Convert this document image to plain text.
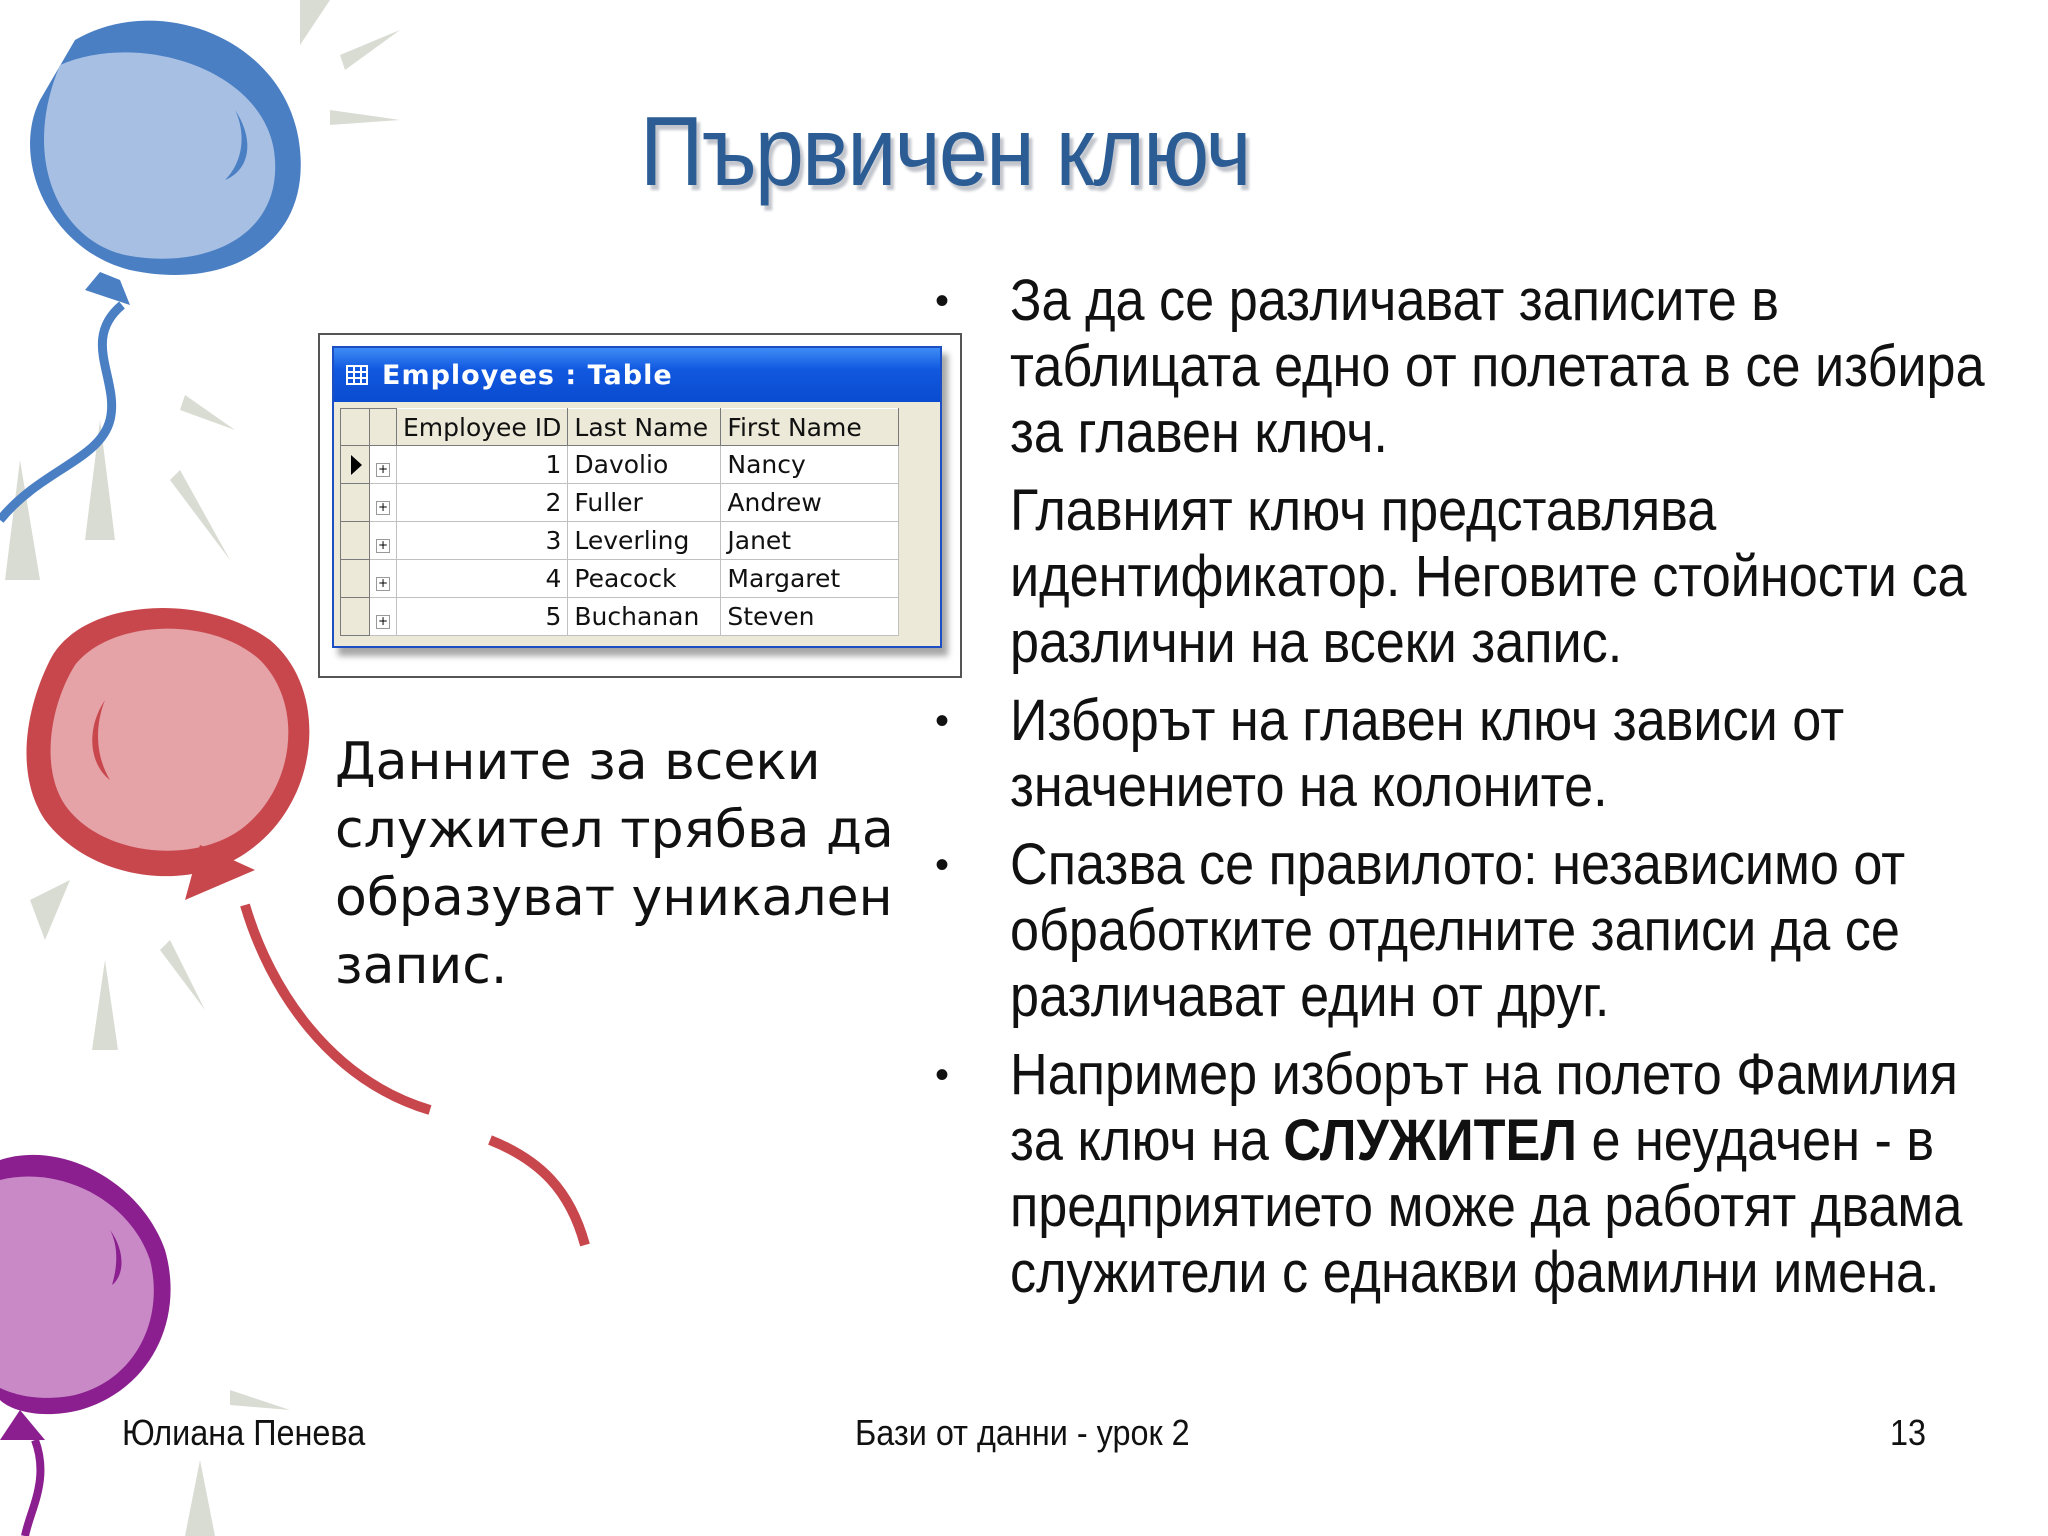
Първичен ключ
Employees : Table
		Employee ID	Last Name	First Name

	+	1	Davolio	Nancy
	+	2	Fuller	Andrew
	+	3	Leverling	Janet
	+	4	Peacock	Margaret
	+	5	Buchanan	Steven
Данните за всеки служител трябва да образуват уникален запис.
• За да се различават записите в таблицата едно от полетата в се избира за главен ключ.
Главният ключ представлява идентификатор. Неговите стойности са различни на всеки запис.
• Изборът на главен ключ зависи от значението на колоните.
• Спазва се правилото: независимо от обработките отделните записи да се различават един от друг.
• Например изборът на полето Фамилия за ключ на СЛУЖИТЕЛ е неудачен - в предприятието може да работят двама служители с еднакви фамилни имена.
Юлиана Пенева	Бази от данни - урок 2	13
